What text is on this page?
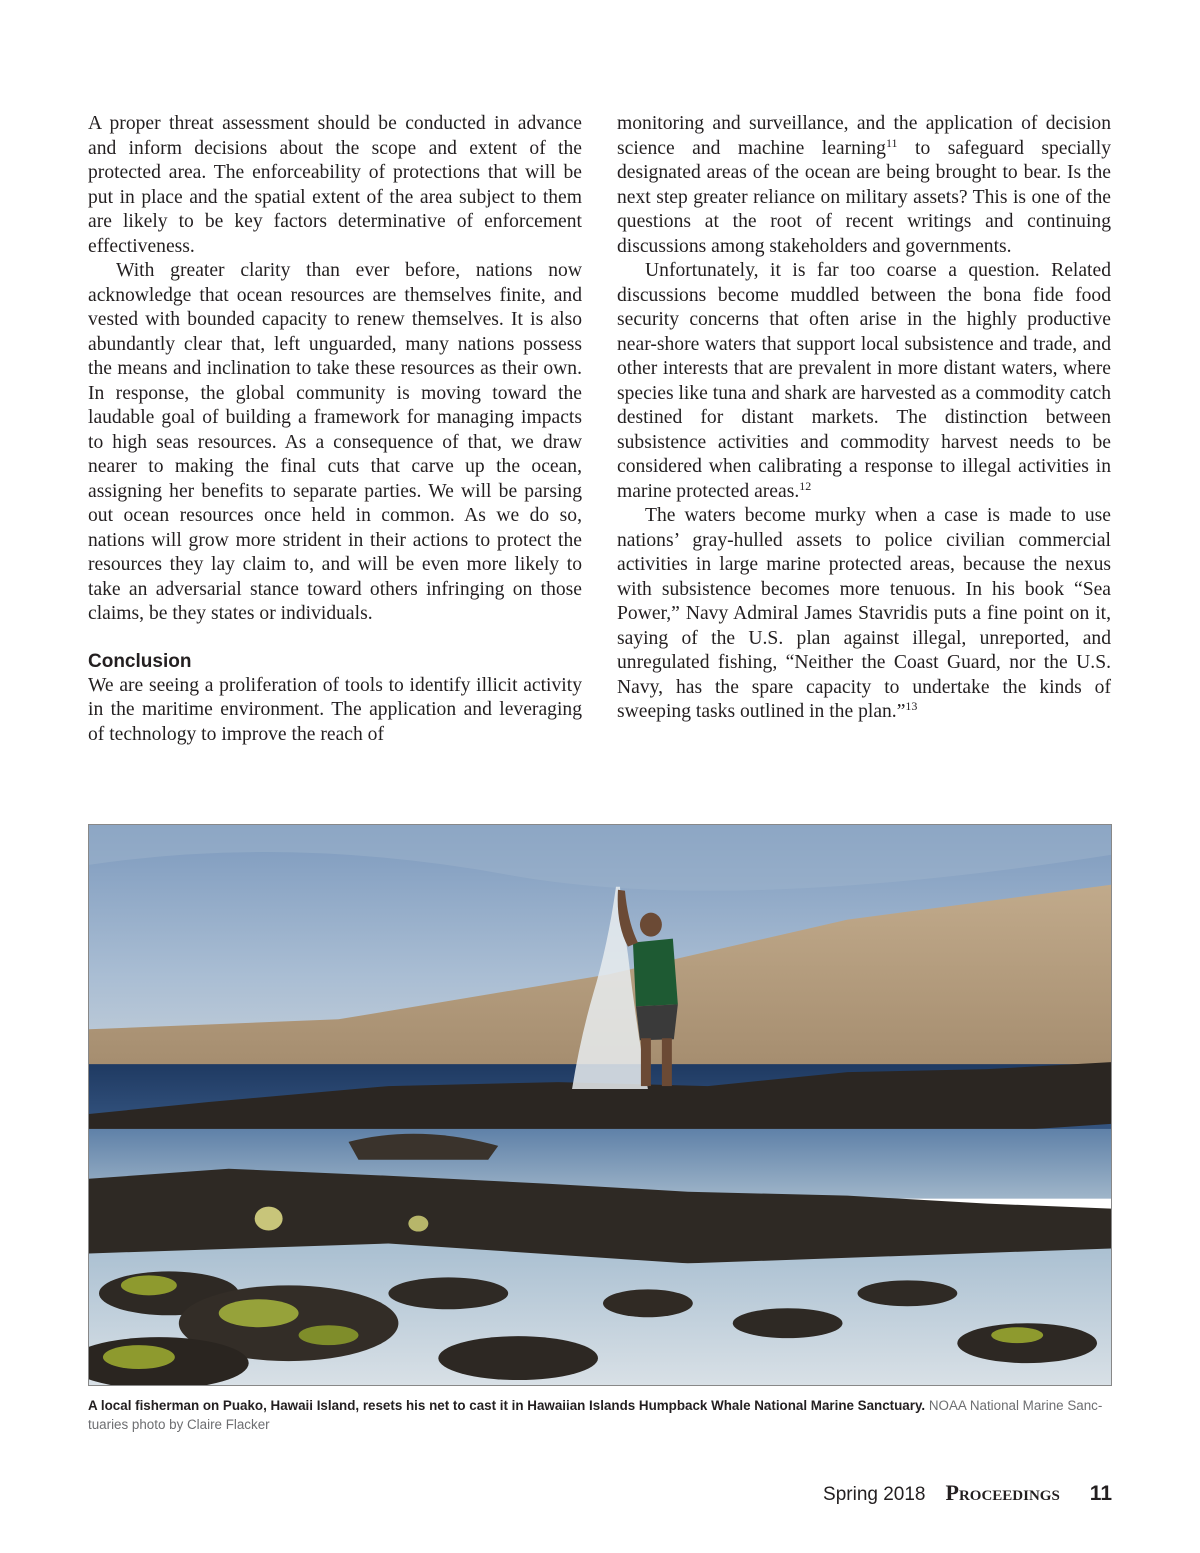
A proper threat assessment should be conducted in advance and inform decisions about the scope and extent of the protected area. The enforceability of protections that will be put in place and the spatial extent of the area subject to them are likely to be key factors determinative of enforcement effectiveness.

With greater clarity than ever before, nations now acknowledge that ocean resources are themselves finite, and vested with bounded capacity to renew themselves. It is also abundantly clear that, left unguarded, many nations possess the means and inclination to take these resources as their own. In response, the global community is moving toward the laudable goal of building a framework for managing impacts to high seas resources. As a consequence of that, we draw nearer to making the final cuts that carve up the ocean, assigning her benefits to separate parties. We will be parsing out ocean resources once held in common. As we do so, nations will grow more strident in their actions to protect the resources they lay claim to, and will be even more likely to take an adversarial stance toward others infringing on those claims, be they states or individuals.

Conclusion

We are seeing a proliferation of tools to identify illicit activity in the maritime environment. The application and leveraging of technology to improve the reach of

monitoring and surveillance, and the application of decision science and machine learning$^{11}$ to safeguard specially designated areas of the ocean are being brought to bear. Is the next step greater reliance on military assets? This is one of the questions at the root of recent writings and continuing discussions among stakeholders and governments.

Unfortunately, it is far too coarse a question. Related discussions become muddled between the bona fide food security concerns that often arise in the highly productive near-shore waters that support local subsistence and trade, and other interests that are prevalent in more distant waters, where species like tuna and shark are harvested as a commodity catch destined for distant markets. The distinction between subsistence activities and commodity harvest needs to be considered when calibrating a response to illegal activities in marine protected areas.$^{12}$

The waters become murky when a case is made to use nations’ gray-hulled assets to police civilian commercial activities in large marine protected areas, because the nexus with subsistence becomes more tenuous. In his book “Sea Power,” Navy Admiral James Stavridis puts a fine point on it, saying of the U.S. plan against illegal, unreported, and unregulated fishing, “Neither the Coast Guard, nor the U.S. Navy, has the spare capacity to undertake the kinds of sweeping tasks outlined in the plan.”$^{13}$

A local fisherman on Puako, Hawaii Island, resets his net to cast it in Hawaiian Islands Humpback Whale National Marine Sanctuary. NOAA National Marine Sanctuaries photo by Claire Flacker
Spring 2018 Proceedings 11
